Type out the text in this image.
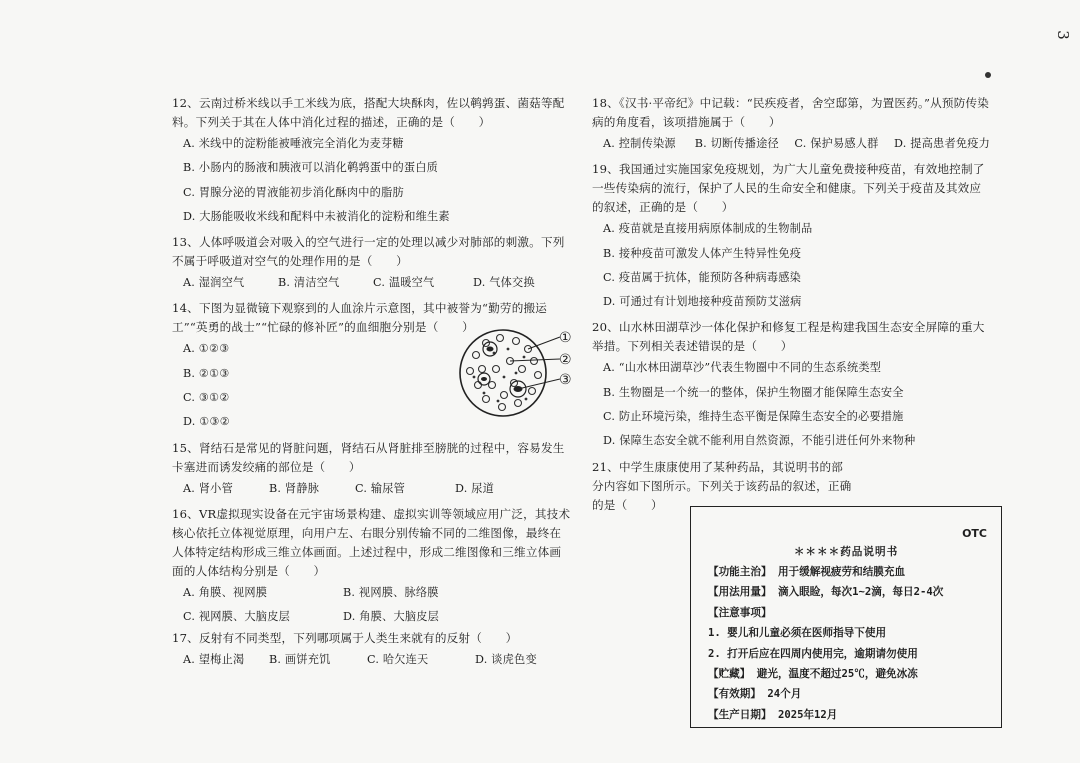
3

12、云南过桥米线以手工米线为底，搭配大块酥肉，佐以鹌鹑蛋、菌菇等配料。下列关于其在人体中消化过程的描述，正确的是（　　）

A. 米线中的淀粉能被唾液完全消化为麦芽糖
B. 小肠内的肠液和胰液可以消化鹌鹑蛋中的蛋白质
C. 胃腺分泌的胃液能初步消化酥肉中的脂肪
D. 大肠能吸收米线和配料中未被消化的淀粉和维生素

13、人体呼吸道会对吸入的空气进行一定的处理以减少对肺部的刺激。下列不属于呼吸道对空气的处理作用的是（　　）

A. 湿润空气	B. 清洁空气	C. 温暖空气	D. 气体交换

14、下图为显微镜下观察到的人血涂片示意图，其中被誉为“勤劳的搬运工”“英勇的战士”“忙碌的修补匠”的血细胞分别是（　　）

A. ①②③
B. ②①③
C. ③①②
D. ①③②

15、肾结石是常见的肾脏问题，肾结石从肾脏排至膀胱的过程中，容易发生卡塞进而诱发绞痛的部位是（　　）

A. 肾小管	B. 肾静脉	C. 输尿管	D. 尿道

16、VR虚拟现实设备在元宇宙场景构建、虚拟实训等领域应用广泛，其技术核心依托立体视觉原理，向用户左、右眼分别传输不同的二维图像，最终在人体特定结构形成三维立体画面。上述过程中，形成二维图像和三维立体画面的人体结构分别是（　　）

A. 角膜、视网膜	B. 视网膜、脉络膜
C. 视网膜、大脑皮层	D. 角膜、大脑皮层

17、反射有不同类型，下列哪项属于人类生来就有的反射（　　）

A. 望梅止渴	B. 画饼充饥	C. 哈欠连天	D. 谈虎色变
①
②
③

18、《汉书·平帝纪》中记载：“民疾疫者，舍空邸第，为置医药。”从预防传染病的角度看，该项措施属于（　　）

A. 控制传染源	B. 切断传播途径	C. 保护易感人群	D. 提高患者免疫力

19、我国通过实施国家免疫规划，为广大儿童免费接种疫苗，有效地控制了一些传染病的流行，保护了人民的生命安全和健康。下列关于疫苗及其效应的叙述，正确的是（　　）

A. 疫苗就是直接用病原体制成的生物制品
B. 接种疫苗可激发人体产生特异性免疫
C. 疫苗属于抗体，能预防各种病毒感染
D. 可通过有计划地接种疫苗预防艾滋病

20、山水林田湖草沙一体化保护和修复工程是构建我国生态安全屏障的重大举措。下列相关表述错误的是（　　）

A. “山水林田湖草沙”代表生物圈中不同的生态系统类型
B. 生物圈是一个统一的整体，保护生物圈才能保障生态安全
C. 防止环境污染，维持生态平衡是保障生态安全的必要措施
D. 保障生态安全就不能利用自然资源，不能引进任何外来物种

21、中学生康康使用了某种药品，其说明书的部分内容如下图所示。下列关于该药品的叙述，正确的是（　　）

OTC
＊＊＊＊药品说明书
【功能主治】 用于缓解视疲劳和结膜充血
【用法用量】 滴入眼睑，每次1~2滴，每日2-4次
【注意事项】
1. 婴儿和儿童必须在医师指导下使用
2. 打开后应在四周内使用完，逾期请勿使用
【贮藏】 避光，温度不超过25℃，避免冰冻
【有效期】 24个月
【生产日期】 2025年12月
